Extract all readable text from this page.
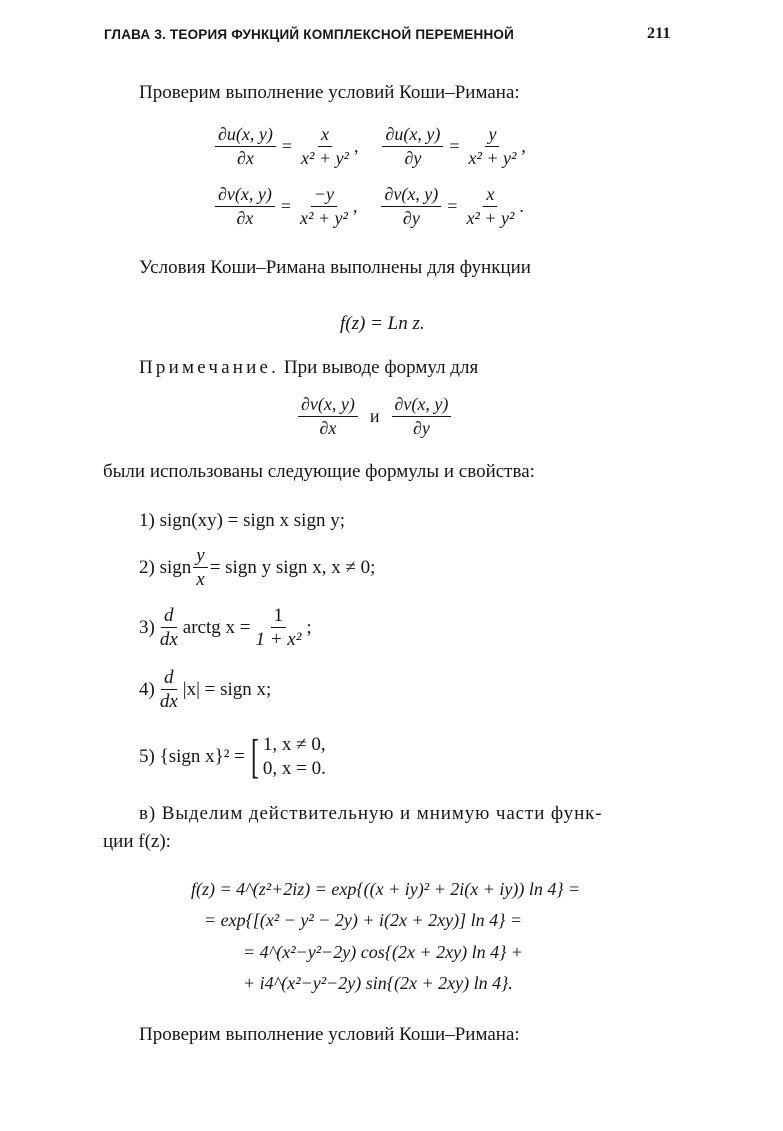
ГЛАВА 3. ТЕОРИЯ ФУНКЦИЙ КОМПЛЕКСНОЙ ПЕРЕМЕННОЙ	211
Проверим выполнение условий Коши–Римана:
$\frac{\partial u(x, y)}{\partial x} = \frac{x}{\text{x² + y²}}$ , $\frac{\partial u(x, y)}{\partial y} = \frac{y}{\text{x² + y²}}$ ,
$\frac{\partial v(x, y)}{\partial x} = \frac{-y}{\text{x² + y²}}$ , $\frac{\partial v(x, y)}{\partial y} = \frac{x}{\text{x² + y²}}$ .
Условия Коши–Римана выполнены для функции
f(z) = Ln z.
Примечание. При выводе формул для
$\frac{\partial v(x, y)}{\partial x}$ и $\frac{\partial v(x, y)}{\partial y}$
были использованы следующие формулы и свойства:
1) sign(xy) = sign x sign y;
2) sign $\frac{y}{x}$ = sign y sign x, x ≠ 0;
$3) \frac{d}{dx}$ arctg $x = \frac{1}{\text{1 + x²}}$ ;
$4) \frac{d}{dx} |x|$ = sign x;
5) {sign x}² = [ 1, x ≠ 0,
0, x = 0.
в) Выделим действительную и мнимую части функ-
ции f(z):
f(z) = 4^(z²+2iz) = exp{((x + iy)² + 2i(x + iy)) ln 4} =
= exp{[(x² − y² − 2y) + i(2x + 2xy)] ln 4} =
= 4^(x²−y²−2y) cos{(2x + 2xy) ln 4} +
+ i4^(x²−y²−2y) sin{(2x + 2xy) ln 4}.
Проверим выполнение условий Коши–Римана:
